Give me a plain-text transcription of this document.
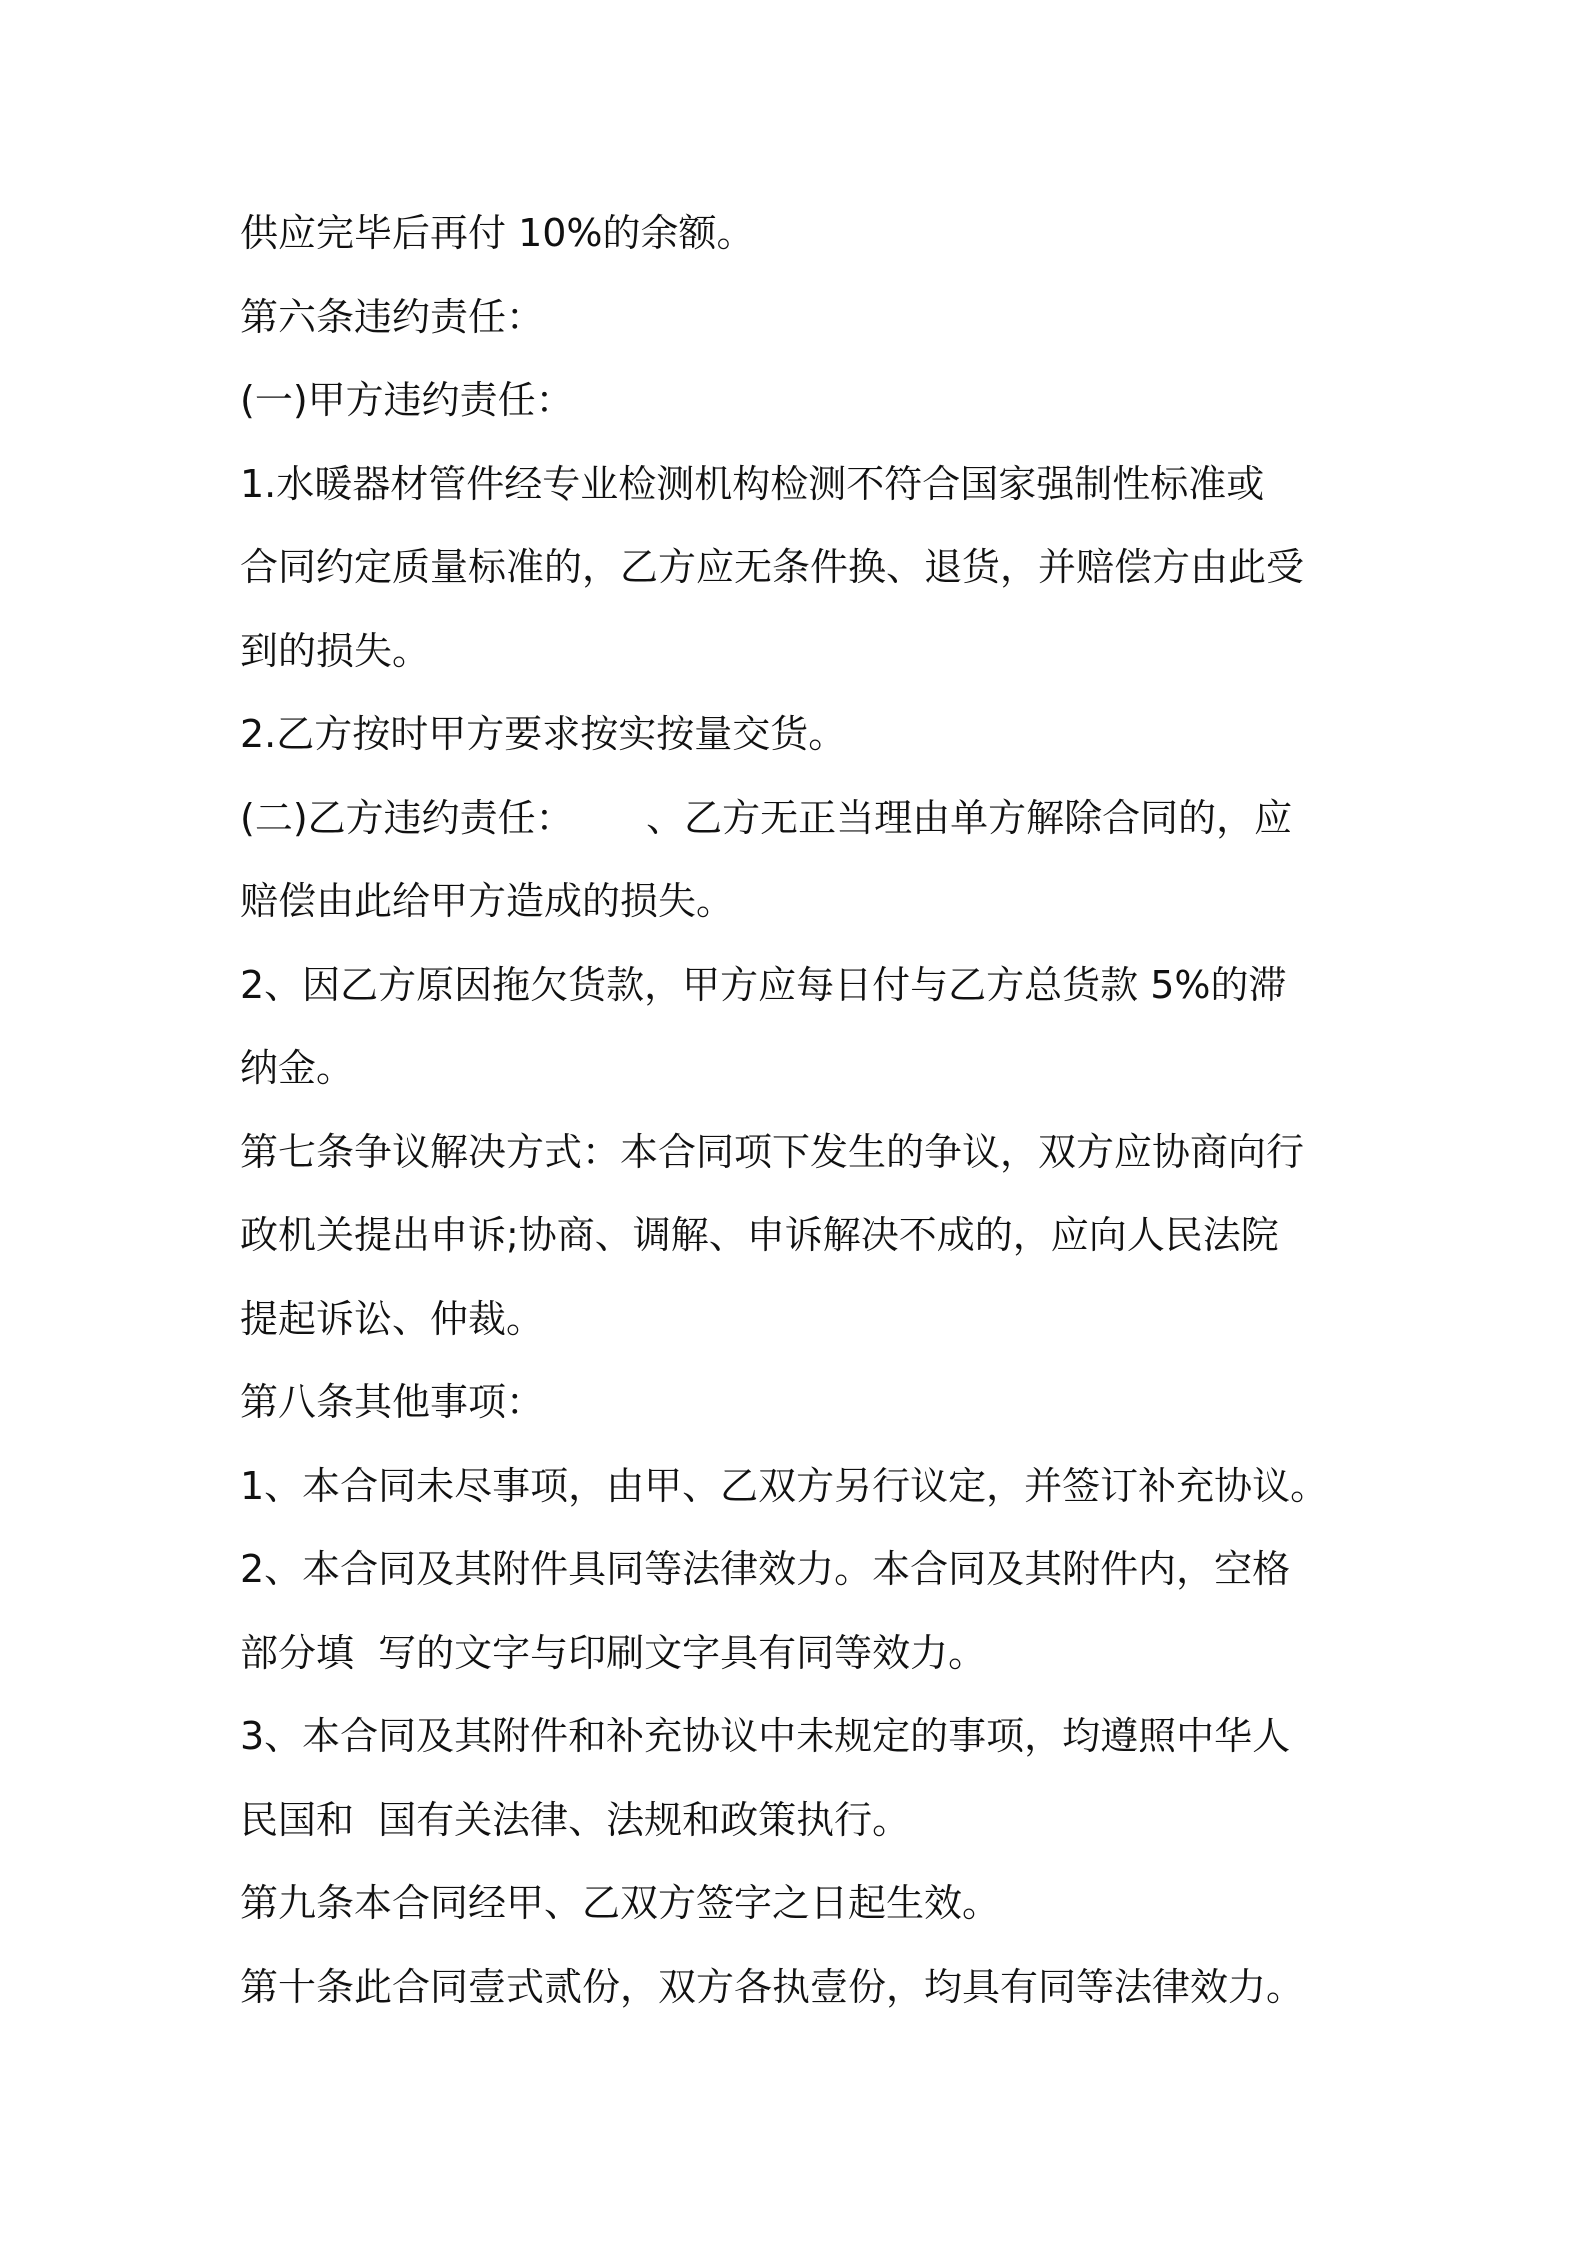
供应完毕后再付 10%的余额。
第六条违约责任：
(一)甲方违约责任：
1.水暖器材管件经专业检测机构检测不符合国家强制性标准或
合同约定质量标准的，乙方应无条件换、退货，并赔偿方由此受
到的损失。
2.乙方按时甲方要求按实按量交货。
(二)乙方违约责任：      、乙方无正当理由单方解除合同的，应
赔偿由此给甲方造成的损失。
2、因乙方原因拖欠货款，甲方应每日付与乙方总货款 5%的滞
纳金。
第七条争议解决方式：本合同项下发生的争议，双方应协商向行
政机关提出申诉;协商、调解、申诉解决不成的，应向人民法院
提起诉讼、仲裁。
第八条其他事项：
1、本合同未尽事项，由甲、乙双方另行议定，并签订补充协议。
2、本合同及其附件具同等法律效力。本合同及其附件内，空格
部分填  写的文字与印刷文字具有同等效力。
3、本合同及其附件和补充协议中未规定的事项，均遵照中华人
民国和  国有关法律、法规和政策执行。
第九条本合同经甲、乙双方签字之日起生效。
第十条此合同壹式贰份，双方各执壹份，均具有同等法律效力。
